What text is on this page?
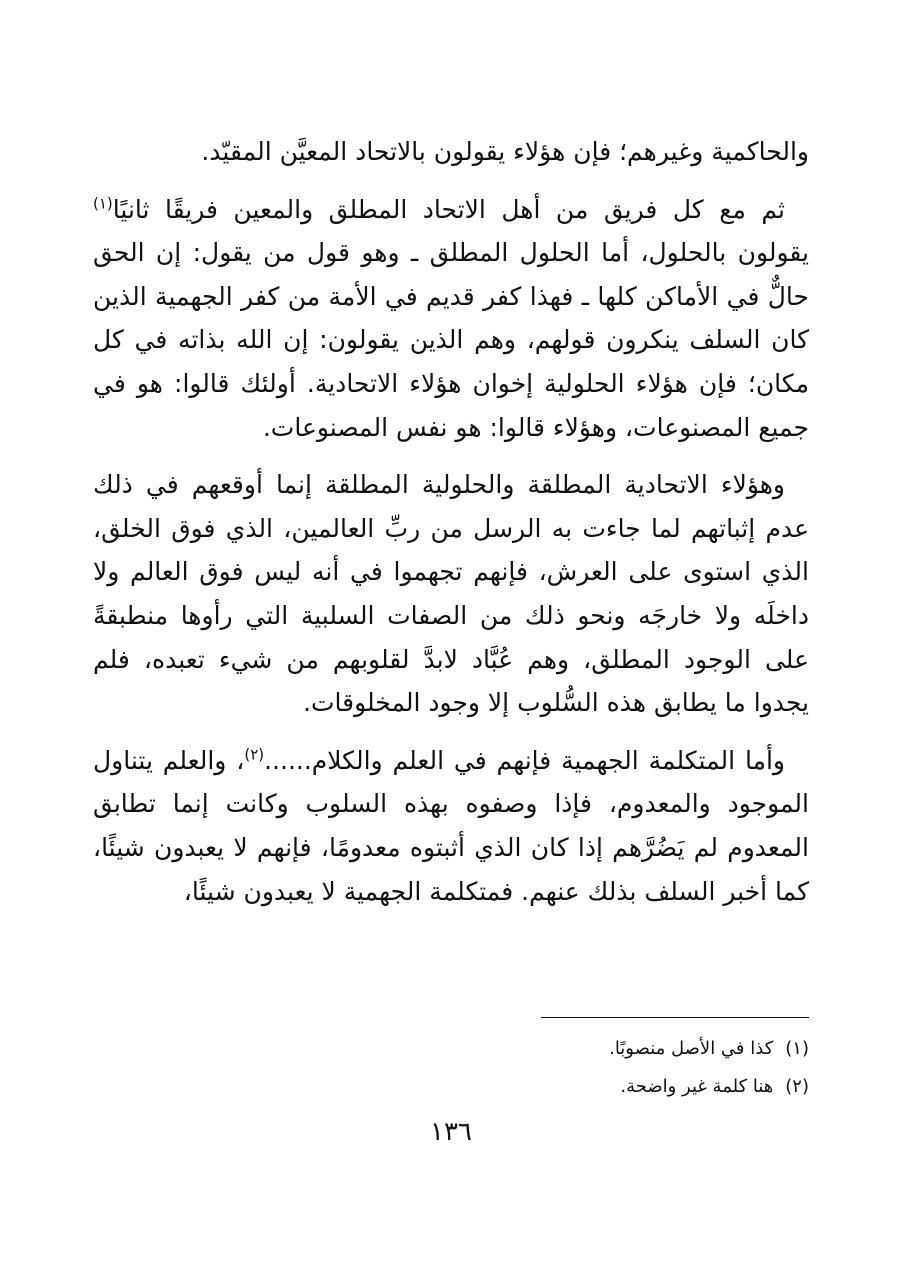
والحاكمية وغيرهم؛ فإن هؤلاء يقولون بالاتحاد المعيَّن المقيّد.

ثم مع كل فريق من أهل الاتحاد المطلق والمعين فريقًا ثانيًا$^{(١)}$ يقولون بالحلول، أما الحلول المطلق ـ وهو قول من يقول: إن الحق حالٌّ في الأماكن كلها ـ فهذا كفر قديم في الأمة من كفر الجهمية الذين كان السلف ينكرون قولهم، وهم الذين يقولون: إن الله بذاته في كل مكان؛ فإن هؤلاء الحلولية إخوان هؤلاء الاتحادية. أولئك قالوا: هو في جميع المصنوعات، وهؤلاء قالوا: هو نفس المصنوعات.

وهؤلاء الاتحادية المطلقة والحلولية المطلقة إنما أوقعهم في ذلك عدم إثباتهم لما جاءت به الرسل من ربِّ العالمين، الذي فوق الخلق، الذي استوى على العرش، فإنهم تجهموا في أنه ليس فوق العالم ولا داخلَه ولا خارجَه ونحو ذلك من الصفات السلبية التي رأوها منطبقةً على الوجود المطلق، وهم عُبَّاد لابدَّ لقلوبهم من شيء تعبده، فلم يجدوا ما يطابق هذه السُّلوب إلا وجود المخلوقات.

وأما المتكلمة الجهمية فإنهم في العلم والكلام......$^{(٢)}$، والعلم يتناول الموجود والمعدوم، فإذا وصفوه بهذه السلوب وكانت إنما تطابق المعدوم لم يَضُرَّهم إذا كان الذي أثبتوه معدومًا، فإنهم لا يعبدون شيئًا، كما أخبر السلف بذلك عنهم. فمتكلمة الجهمية لا يعبدون شيئًا،

(١)كذا في الأصل منصوبًا.
(٢)هنا كلمة غير واضحة.
١٣٦
